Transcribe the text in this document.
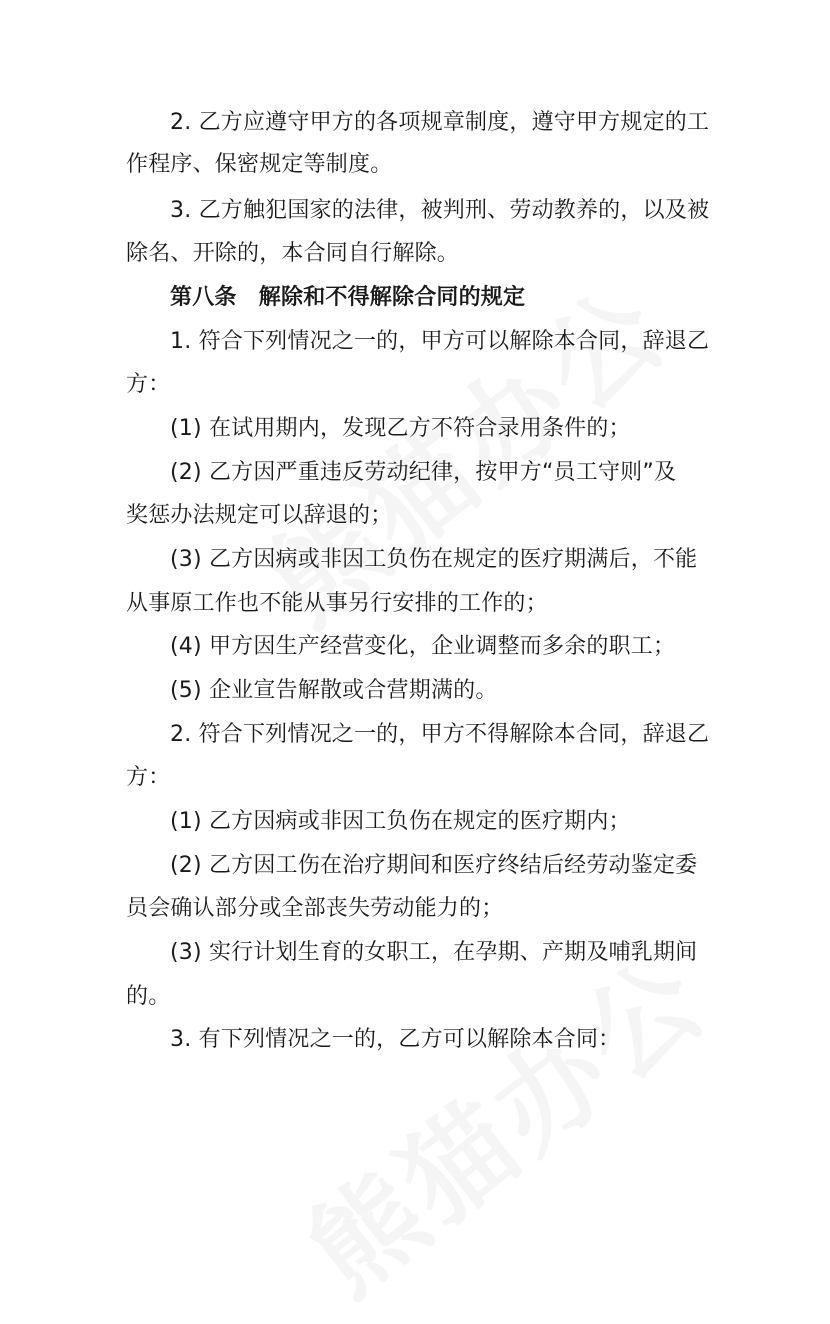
2. 乙方应遵守甲方的各项规章制度，遵守甲方规定的工

作程序、保密规定等制度。

3. 乙方触犯国家的法律，被判刑、劳动教养的，以及被

除名、开除的，本合同自行解除。

第八条　解除和不得解除合同的规定

1. 符合下列情况之一的，甲方可以解除本合同，辞退乙

方：

(1) 在试用期内，发现乙方不符合录用条件的；

(2) 乙方因严重违反劳动纪律，按甲方“员工守则”及

奖惩办法规定可以辞退的；

(3) 乙方因病或非因工负伤在规定的医疗期满后，不能

从事原工作也不能从事另行安排的工作的；

(4) 甲方因生产经营变化，企业调整而多余的职工；

(5) 企业宣告解散或合营期满的。

2. 符合下列情况之一的，甲方不得解除本合同，辞退乙

方：

(1) 乙方因病或非因工负伤在规定的医疗期内；

(2) 乙方因工伤在治疗期间和医疗终结后经劳动鉴定委

员会确认部分或全部丧失劳动能力的；

(3) 实行计划生育的女职工，在孕期、产期及哺乳期间

的。

3. 有下列情况之一的，乙方可以解除本合同：
